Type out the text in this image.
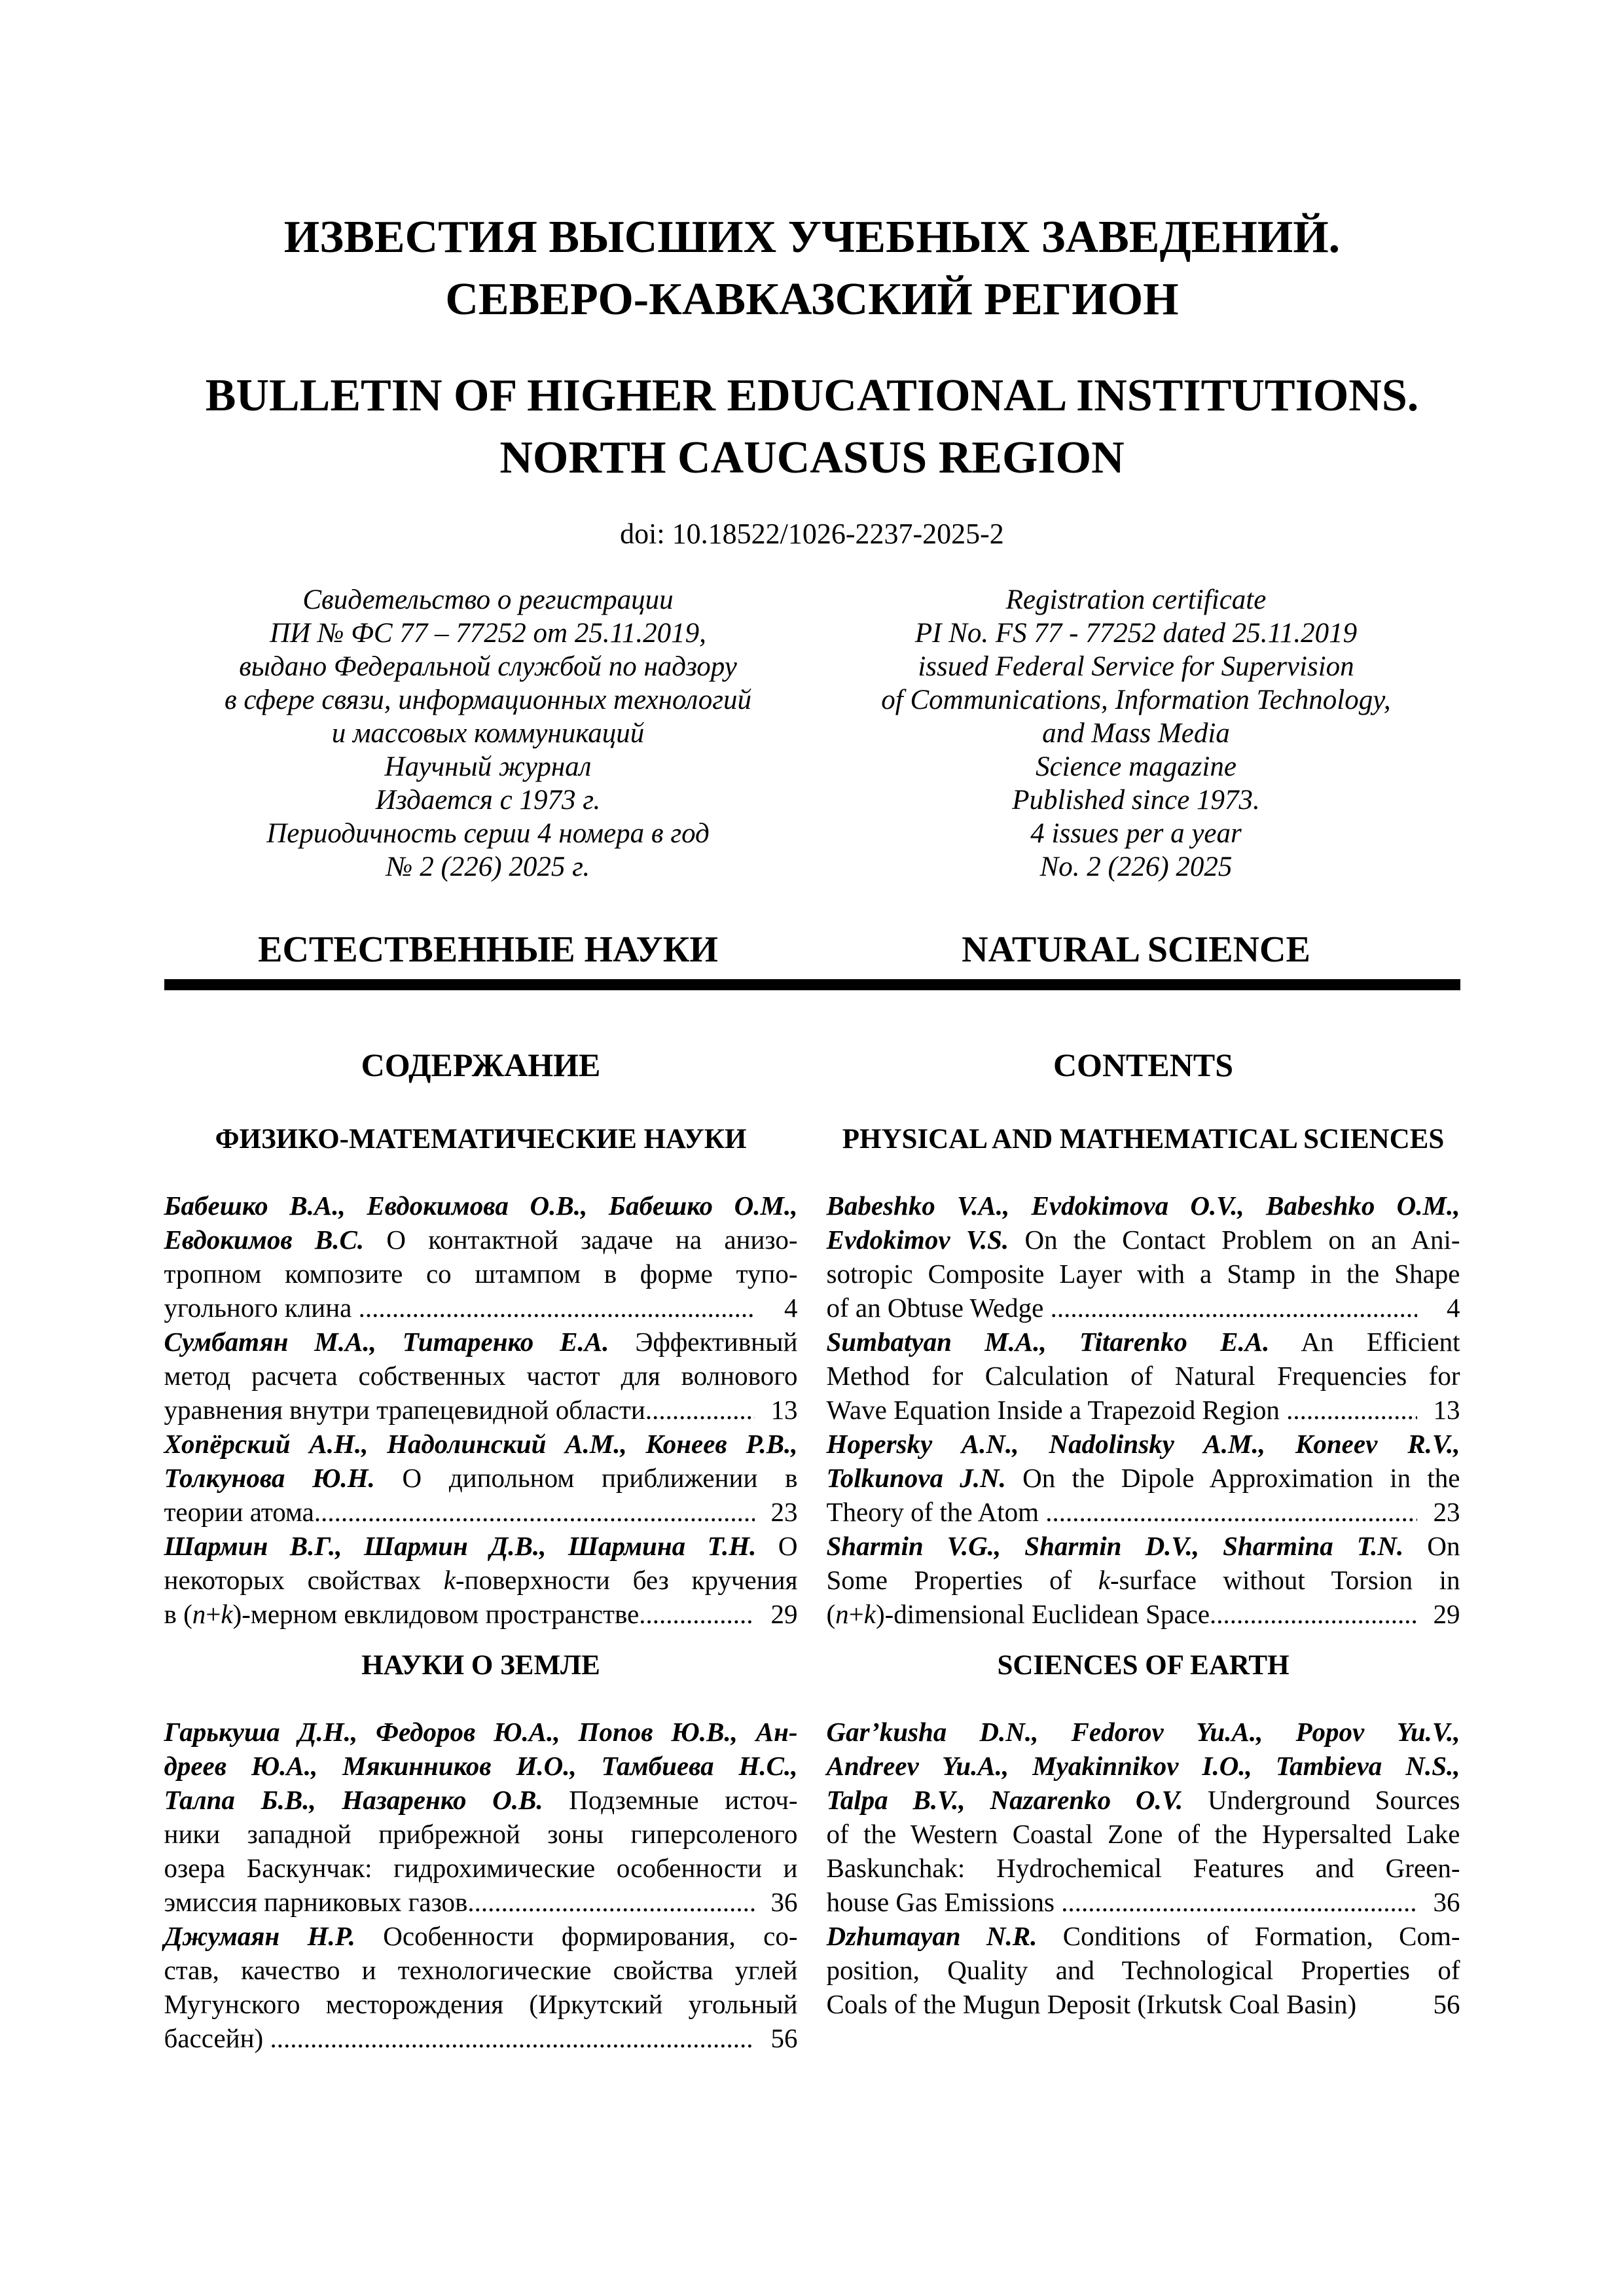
ИЗВЕСТИЯ ВЫСШИХ УЧЕБНЫХ ЗАВЕДЕНИЙ.
СЕВЕРО-КАВКАЗСКИЙ РЕГИОН
BULLETIN OF HIGHER EDUCATIONAL INSTITUTIONS.
NORTH CAUCASUS REGION
doi: 10.18522/1026-2237-2025-2
Свидетельство о регистрации
ПИ № ФС 77 – 77252 от 25.11.2019,
выдано Федеральной службой по надзору
в сфере связи, информационных технологий
и массовых коммуникаций
Научный журнал
Издается с 1973 г.
Периодичность серии 4 номера в год
№ 2 (226) 2025 г.
Registration certificate
PI No. FS 77 - 77252 dated 25.11.2019
issued Federal Service for Supervision
of Communications, Information Technology,
and Mass Media
Science magazine
Published since 1973.
4 issues per a year
No. 2 (226) 2025
ЕСТЕСТВЕННЫЕ НАУКИ	NATURAL SCIENCE
СОДЕРЖАНИЕ
ФИЗИКО-МАТЕМАТИЧЕСКИЕ НАУКИ
Бабешко В.А., Евдокимова О.В., Бабешко О.М.,
Евдокимов В.С. О контактной задаче на анизо-
тропном композите со штампом в форме тупо-
угольного клина .....	4
Сумбатян М.А., Титаренко Е.А. Эффективный
метод расчета собственных частот для волнового
уравнения внутри трапецевидной области .....	13
Хопёрский А.Н., Надолинский А.М., Конеев Р.В.,
Толкунова Ю.Н. О дипольном приближении в
теории атома .....	23
Шармин В.Г., Шармин Д.В., Шармина Т.Н. О
некоторых свойствах k-поверхности без кручения
в (n+k)-мерном евклидовом пространстве .....	29
НАУКИ О ЗЕМЛЕ
Гарькуша Д.Н., Федоров Ю.А., Попов Ю.В., Ан-
дреев Ю.А., Мякинников И.О., Тамбиева Н.С.,
Талпа Б.В., Назаренко О.В. Подземные источ-
ники западной прибрежной зоны гиперсоленого
озера Баскунчак: гидрохимические особенности и
эмиссия парниковых газов .....	36
Джумаян Н.Р. Особенности формирования, со-
став, качество и технологические свойства углей
Мугунского месторождения (Иркутский угольный
бассейн) .....	56
CONTENTS
PHYSICAL AND MATHEMATICAL SCIENCES
Babeshko V.A., Evdokimova O.V., Babeshko O.M.,
Evdokimov V.S. On the Contact Problem on an Ani-
sotropic Composite Layer with a Stamp in the Shape
of an Obtuse Wedge .....	4
Sumbatyan M.A., Titarenko E.A. An Efficient
Method for Calculation of Natural Frequencies for
Wave Equation Inside a Trapezoid Region .....	13
Hopersky A.N., Nadolinsky A.M., Koneev R.V.,
Tolkunova J.N. On the Dipole Approximation in the
Theory of the Atom .....	23
Sharmin V.G., Sharmin D.V., Sharmina T.N. On
Some Properties of k-surface without Torsion in
(n+k)-dimensional Euclidean Space .....	29
SCIENCES OF EARTH
Gar’kusha D.N., Fedorov Yu.A., Popov Yu.V.,
Andreev Yu.A., Myakinnikov I.O., Tambieva N.S.,
Talpa B.V., Nazarenko O.V. Underground Sources
of the Western Coastal Zone of the Hypersalted Lake
Baskunchak: Hydrochemical Features and Green-
house Gas Emissions .....	36
Dzhumayan N.R. Conditions of Formation, Com-
position, Quality and Technological Properties of
Coals of the Mugun Deposit (Irkutsk Coal Basin)	56
